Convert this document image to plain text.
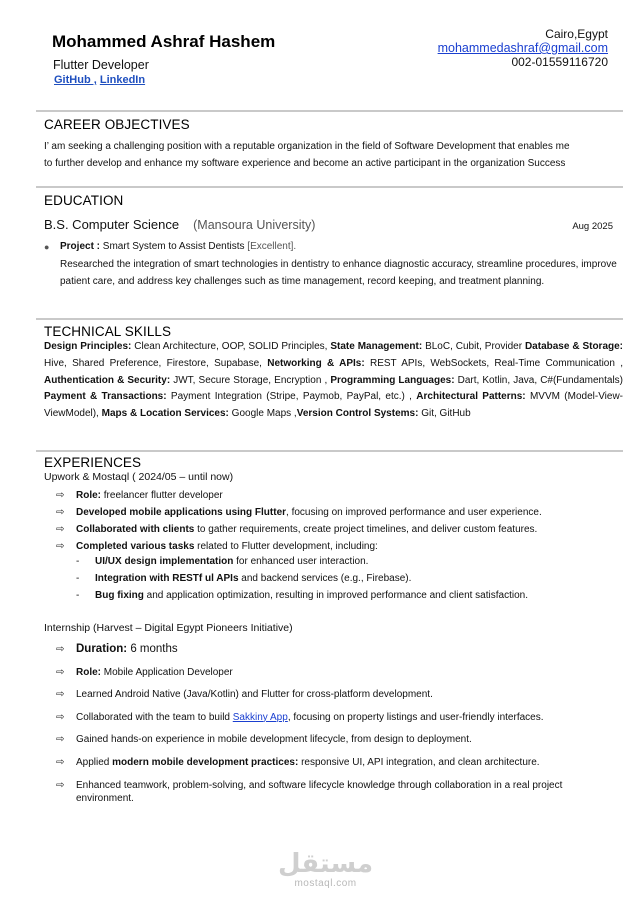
Mohammed Ashraf Hashem
Flutter Developer
GitHub , LinkedIn
Cairo,Egypt
mohammedashraf@gmail.com
002-01559116720
CAREER OBJECTIVES
I’ am seeking a challenging position with a reputable organization in the field of Software Development that enables me
to further develop and enhance my software experience and become an active participant in the organization Success
EDUCATION
B.S. Computer Science (Mansoura University)	Aug 2025
● Project : Smart System to Assist Dentists [Excellent].
Researched the integration of smart technologies in dentistry to enhance diagnostic accuracy, streamline procedures, improve patient care, and address key challenges such as time management, record keeping, and treatment planning.
TECHNICAL SKILLS
Design Principles: Clean Architecture, OOP, SOLID Principles, State Management: BLoC, Cubit, Provider Database & Storage: Hive, Shared Preference, Firestore, Supabase, Networking & APIs: REST APIs, WebSockets, Real-Time Communication , Authentication & Security: JWT, Secure Storage, Encryption , Programming Languages: Dart, Kotlin, Java, C#(Fundamentals) Payment & Transactions: Payment Integration (Stripe, Paymob, PayPal, etc.) , Architectural Patterns: MVVM (Model-View-ViewModel), Maps & Location Services: Google Maps ,Version Control Systems: Git, GitHub
EXPERIENCES
Upwork & Mostaql ( 2024/05 – until now)
⇨ Role: freelancer flutter developer
⇨ Developed mobile applications using Flutter, focusing on improved performance and user experience.
⇨ Collaborated with clients to gather requirements, create project timelines, and deliver custom features.
⇨ Completed various tasks related to Flutter development, including:
- UI/UX design implementation for enhanced user interaction.
- Integration with RESTf ul APIs and backend services (e.g., Firebase).
- Bug fixing and application optimization, resulting in improved performance and client satisfaction.
Internship (Harvest – Digital Egypt Pioneers Initiative)
⇨ Duration: 6 months
⇨ Role: Mobile Application Developer
⇨ Learned Android Native (Java/Kotlin) and Flutter for cross-platform development.
⇨ Collaborated with the team to build Sakkiny App, focusing on property listings and user-friendly interfaces.
⇨ Gained hands-on experience in mobile development lifecycle, from design to deployment.
⇨ Applied modern mobile development practices: responsive UI, API integration, and clean architecture.
⇨ Enhanced teamwork, problem-solving, and software lifecycle knowledge through collaboration in a real project environment.
مستقل
mostaql.com
